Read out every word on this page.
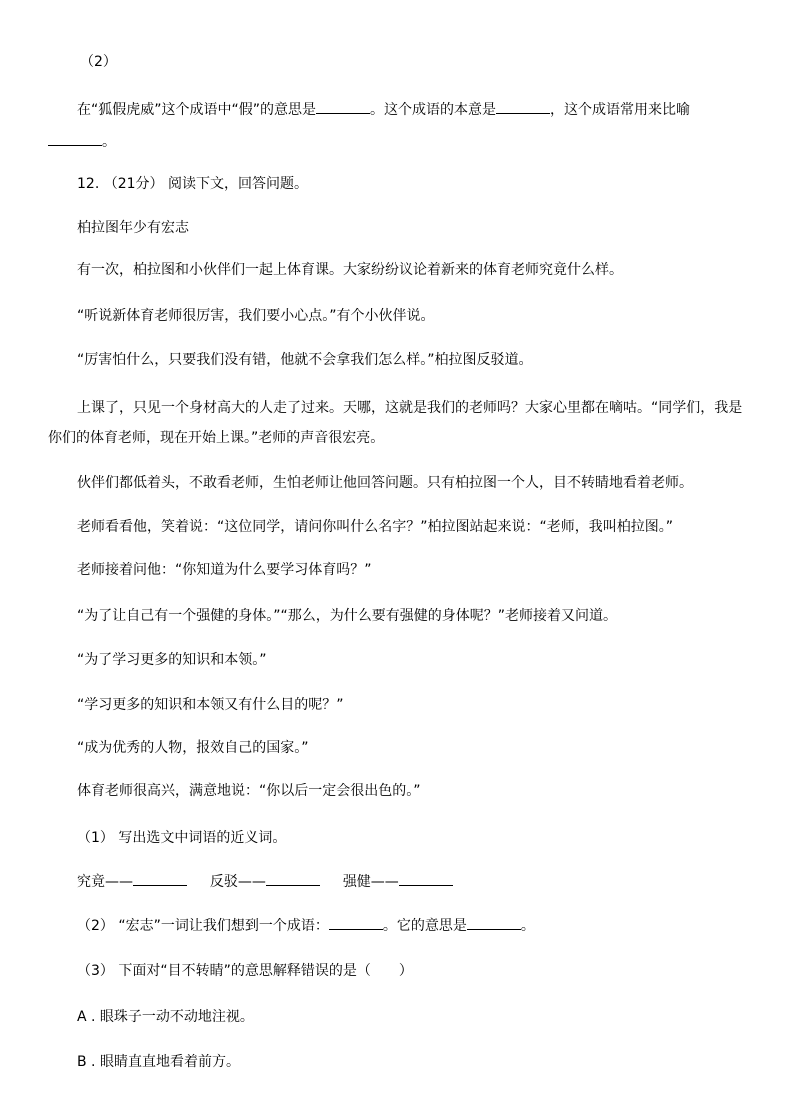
（2）
在“狐假虎威”这个成语中“假”的意思是	。这个成语的本意是	，这个成语常用来比喻
。
12. （21分） 阅读下文，回答问题。
柏拉图年少有宏志
有一次，柏拉图和小伙伴们一起上体育课。大家纷纷议论着新来的体育老师究竟什么样。
“听说新体育老师很厉害，我们要小心点。”有个小伙伴说。
“厉害怕什么，只要我们没有错，他就不会拿我们怎么样。”柏拉图反驳道。
上课了，只见一个身材高大的人走了过来。天哪，这就是我们的老师吗？大家心里都在嘀咕。“同学们，我是
你们的体育老师，现在开始上课。”老师的声音很宏亮。
伙伴们都低着头，不敢看老师，生怕老师让他回答问题。只有柏拉图一个人，目不转睛地看着老师。
老师看看他，笑着说：“这位同学，请问你叫什么名字？”柏拉图站起来说：“老师，我叫柏拉图。”
老师接着问他：“你知道为什么要学习体育吗？”
“为了让自己有一个强健的身体。”“那么，为什么要有强健的身体呢？”老师接着又问道。
“为了学习更多的知识和本领。”
“学习更多的知识和本领又有什么目的呢？”
“成为优秀的人物，报效自己的国家。”
体育老师很高兴，满意地说：“你以后一定会很出色的。”
（1） 写出选文中词语的近义词。
究竟——	反驳——	强健——
（2） “宏志”一词让我们想到一个成语：	。它的意思是	。
（3） 下面对“目不转睛”的意思解释错误的是（　　）
A . 眼珠子一动不动地注视。
B . 眼睛直直地看着前方。
